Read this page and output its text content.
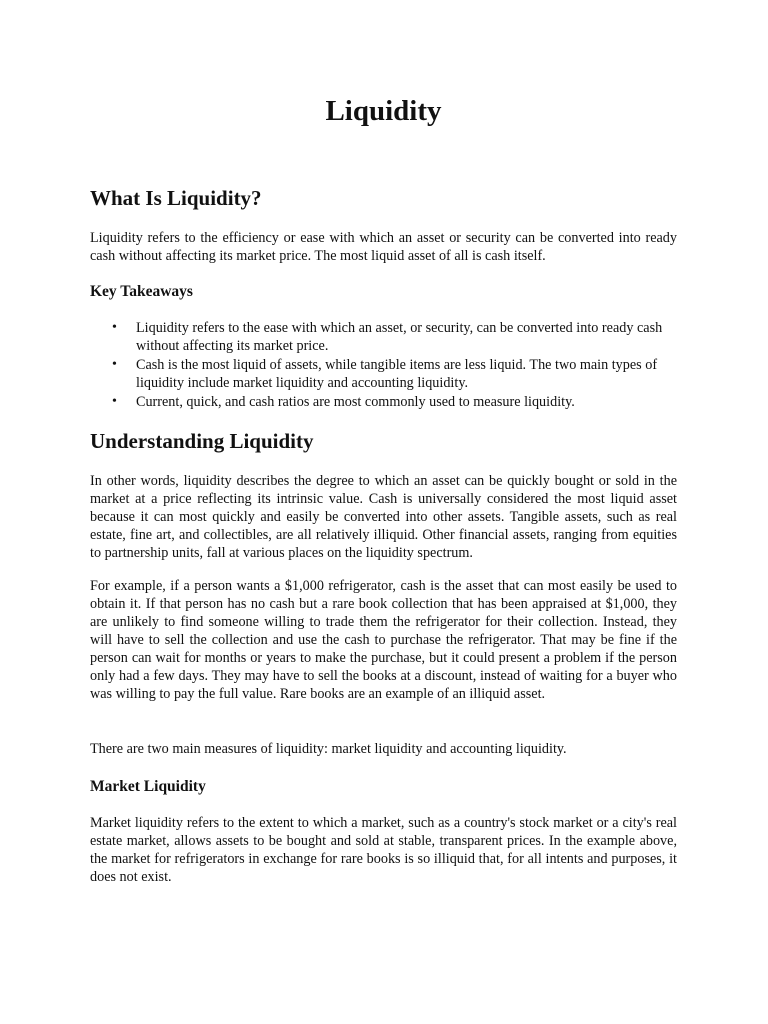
Liquidity
What Is Liquidity?

Liquidity refers to the efficiency or ease with which an asset or security can be converted into ready cash without affecting its market price. The most liquid asset of all is cash itself.

Key Takeaways
• Liquidity refers to the ease with which an asset, or security, can be converted into ready cash without affecting its market price.
• Cash is the most liquid of assets, while tangible items are less liquid. The two main types of liquidity include market liquidity and accounting liquidity.
• Current, quick, and cash ratios are most commonly used to measure liquidity.
Understanding Liquidity

In other words, liquidity describes the degree to which an asset can be quickly bought or sold in the market at a price reflecting its intrinsic value. Cash is universally considered the most liquid asset because it can most quickly and easily be converted into other assets. Tangible assets, such as real estate, fine art, and collectibles, are all relatively illiquid. Other financial assets, ranging from equities to partnership units, fall at various places on the liquidity spectrum.

For example, if a person wants a $1,000 refrigerator, cash is the asset that can most easily be used to obtain it. If that person has no cash but a rare book collection that has been appraised at $1,000, they are unlikely to find someone willing to trade them the refrigerator for their collection. Instead, they will have to sell the collection and use the cash to purchase the refrigerator. That may be fine if the person can wait for months or years to make the purchase, but it could present a problem if the person only had a few days. They may have to sell the books at a discount, instead of waiting for a buyer who was willing to pay the full value. Rare books are an example of an illiquid asset.

There are two main measures of liquidity: market liquidity and accounting liquidity.

Market Liquidity

Market liquidity refers to the extent to which a market, such as a country's stock market or a city's real estate market, allows assets to be bought and sold at stable, transparent prices. In the example above, the market for refrigerators in exchange for rare books is so illiquid that, for all intents and purposes, it does not exist.
